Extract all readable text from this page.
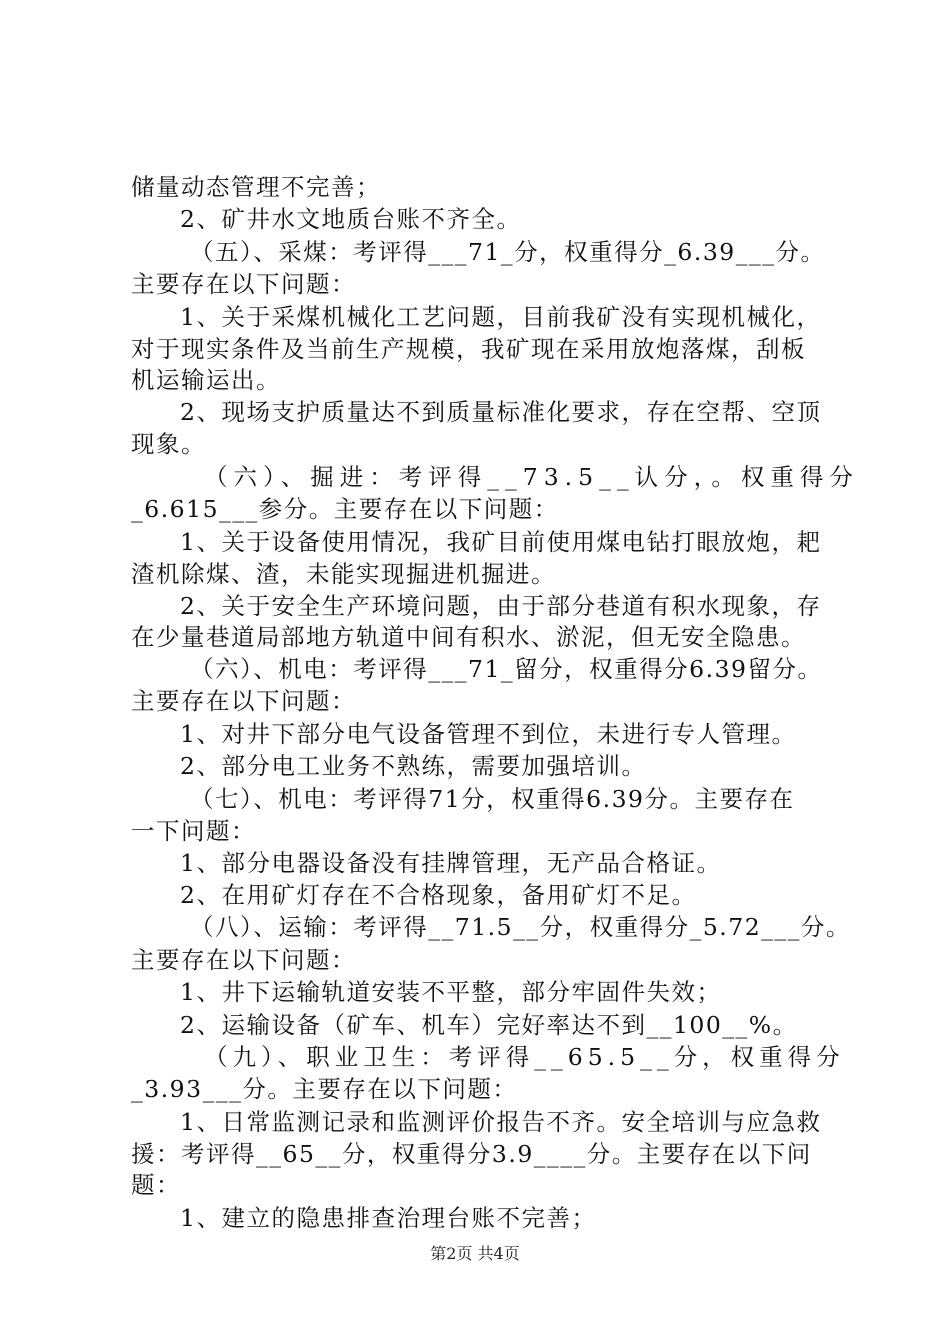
储量动态管理不完善；
2、矿井水文地质台账不齐全。
（五）、采煤：考评得___71_分，权重得分_6.39___分。
主要存在以下问题：
1、关于采煤机械化工艺问题，目前我矿没有实现机械化，
对于现实条件及当前生产规模，我矿现在采用放炮落煤，刮板
机运输运出。
2、现场支护质量达不到质量标准化要求，存在空帮、空顶
现象。
（六）、掘进：考评得__73.5__认分，。权重得分
_6.615___参分。主要存在以下问题：
1、关于设备使用情况，我矿目前使用煤电钻打眼放炮，耙
渣机除煤、渣，未能实现掘进机掘进。
2、关于安全生产环境问题，由于部分巷道有积水现象，存
在少量巷道局部地方轨道中间有积水、淤泥，但无安全隐患。
（六）、机电：考评得___71_留分，权重得分6.39留分。
主要存在以下问题：
1、对井下部分电气设备管理不到位，未进行专人管理。
2、部分电工业务不熟练，需要加强培训。
（七）、机电：考评得71分，权重得6.39分。主要存在
一下问题：
1、部分电器设备没有挂牌管理，无产品合格证。
2、在用矿灯存在不合格现象，备用矿灯不足。
（八）、运输：考评得__71.5__分，权重得分_5.72___分。
主要存在以下问题：
1、井下运输轨道安装不平整，部分牢固件失效；
2、运输设备（矿车、机车）完好率达不到__100__%。
（九）、职业卫生：考评得__65.5__分，权重得分
_3.93___分。主要存在以下问题：
1、日常监测记录和监测评价报告不齐。安全培训与应急救
援：考评得__65__分，权重得分3.9____分。主要存在以下问
题：
1、建立的隐患排查治理台账不完善；
第2页 共4页
